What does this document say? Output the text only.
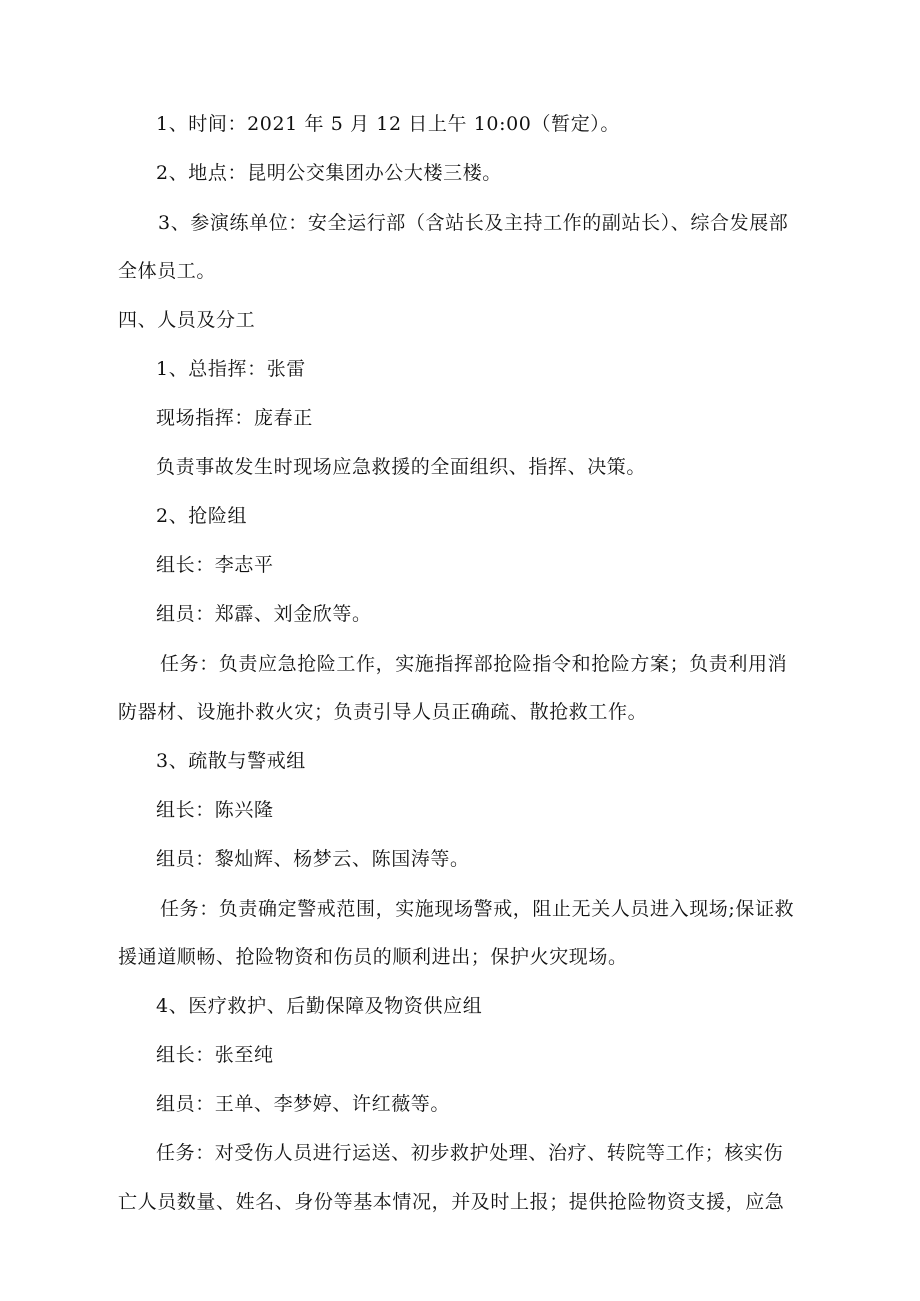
1、时间：2021 年 5 月 12 日上午 10:00（暂定）。
2、地点：昆明公交集团办公大楼三楼。
3、参演练单位：安全运行部（含站长及主持工作的副站长）、综合发展部
全体员工。
四、人员及分工
1、总指挥：张雷
现场指挥：庞春正
负责事故发生时现场应急救援的全面组织、指挥、决策。
2、抢险组
组长：李志平
组员：郑霹、刘金欣等。
任务：负责应急抢险工作，实施指挥部抢险指令和抢险方案；负责利用消
防器材、设施扑救火灾；负责引导人员正确疏、散抢救工作。
3、疏散与警戒组
组长：陈兴隆
组员：黎灿辉、杨梦云、陈国涛等。
任务：负责确定警戒范围，实施现场警戒，阻止无关人员进入现场;保证救
援通道顺畅、抢险物资和伤员的顺利进出；保护火灾现场。
4、医疗救护、后勤保障及物资供应组
组长：张至纯
组员：王单、李梦婷、许红薇等。
任务：对受伤人员进行运送、初步救护处理、治疗、转院等工作；核实伤
亡人员数量、姓名、身份等基本情况，并及时上报；提供抢险物资支援，应急
